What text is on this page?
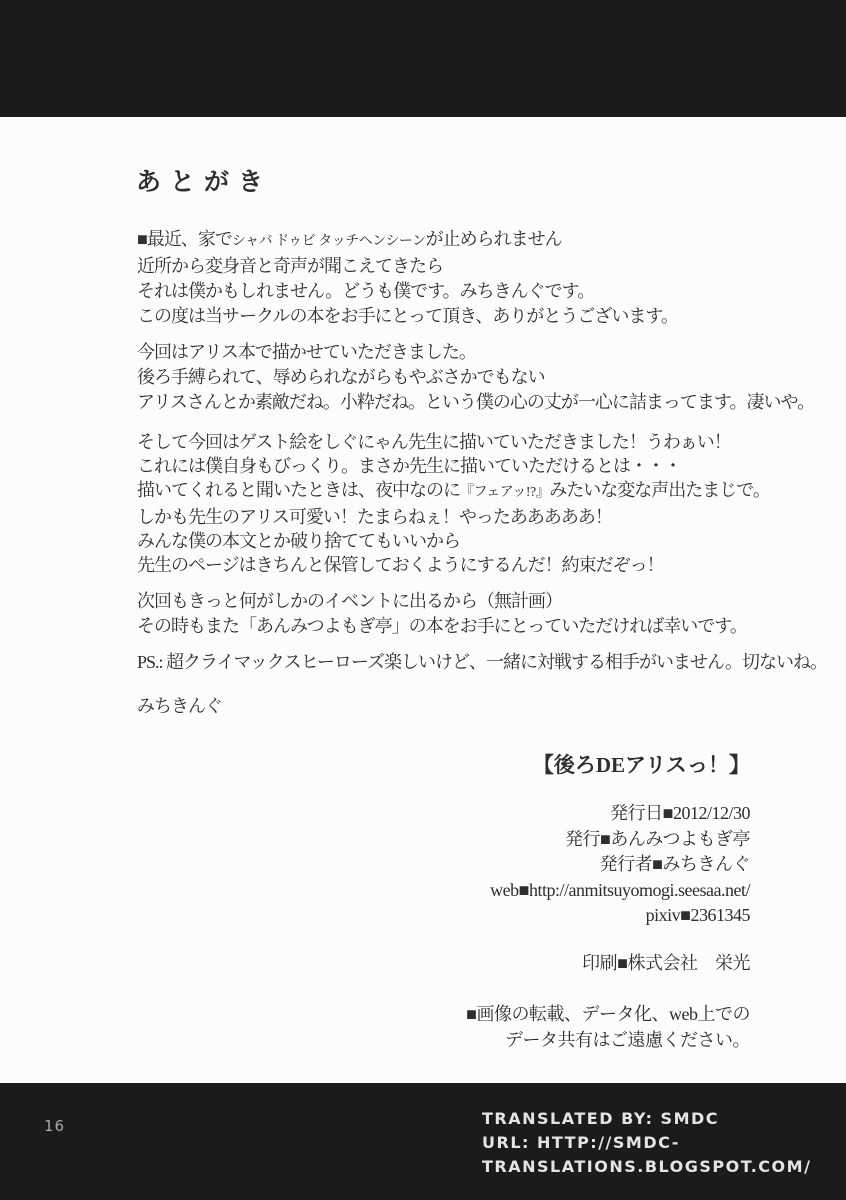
あとがき
■最近、家でシャバ ドゥビ タッチヘンシーンが止められません
近所から変身音と奇声が聞こえてきたら
それは僕かもしれません。どうも僕です。みちきんぐです。
この度は当サークルの本をお手にとって頂き、ありがとうございます。
今回はアリス本で描かせていただきました。
後ろ手縛られて、辱められながらもやぶさかでもない
アリスさんとか素敵だね。小粋だね。という僕の心の丈が一心に詰まってます。凄いや。
そして今回はゲスト絵をしぐにゃん先生に描いていただきました！うわぁい！
これには僕自身もびっくり。まさか先生に描いていただけるとは・・・
描いてくれると聞いたときは、夜中なのに『フェアッ!?』みたいな変な声出たまじで。
しかも先生のアリス可愛い！たまらねぇ！やったあああああ！
みんな僕の本文とか破り捨ててもいいから
先生のページはきちんと保管しておくようにするんだ！約束だぞっ！
次回もきっと何がしかのイベントに出るから（無計画）
その時もまた「あんみつよもぎ亭」の本をお手にとっていただければ幸いです。
PS.: 超クライマックスヒーローズ楽しいけど、一緒に対戦する相手がいません。切ないね。
みちきんぐ
【後ろDEアリスっ！】
発行日■2012/12/30
発行■あんみつよもぎ亭
発行者■みちきんぐ
web■http://anmitsuyomogi.seesaa.net/
pixiv■2361345
印刷■株式会社　栄光
■画像の転載、データ化、web上での
データ共有はご遠慮ください。
16	TRANSLATED BY: SMDC
URL: HTTP://SMDC-
TRANSLATIONS.BLOGSPOT.COM/
